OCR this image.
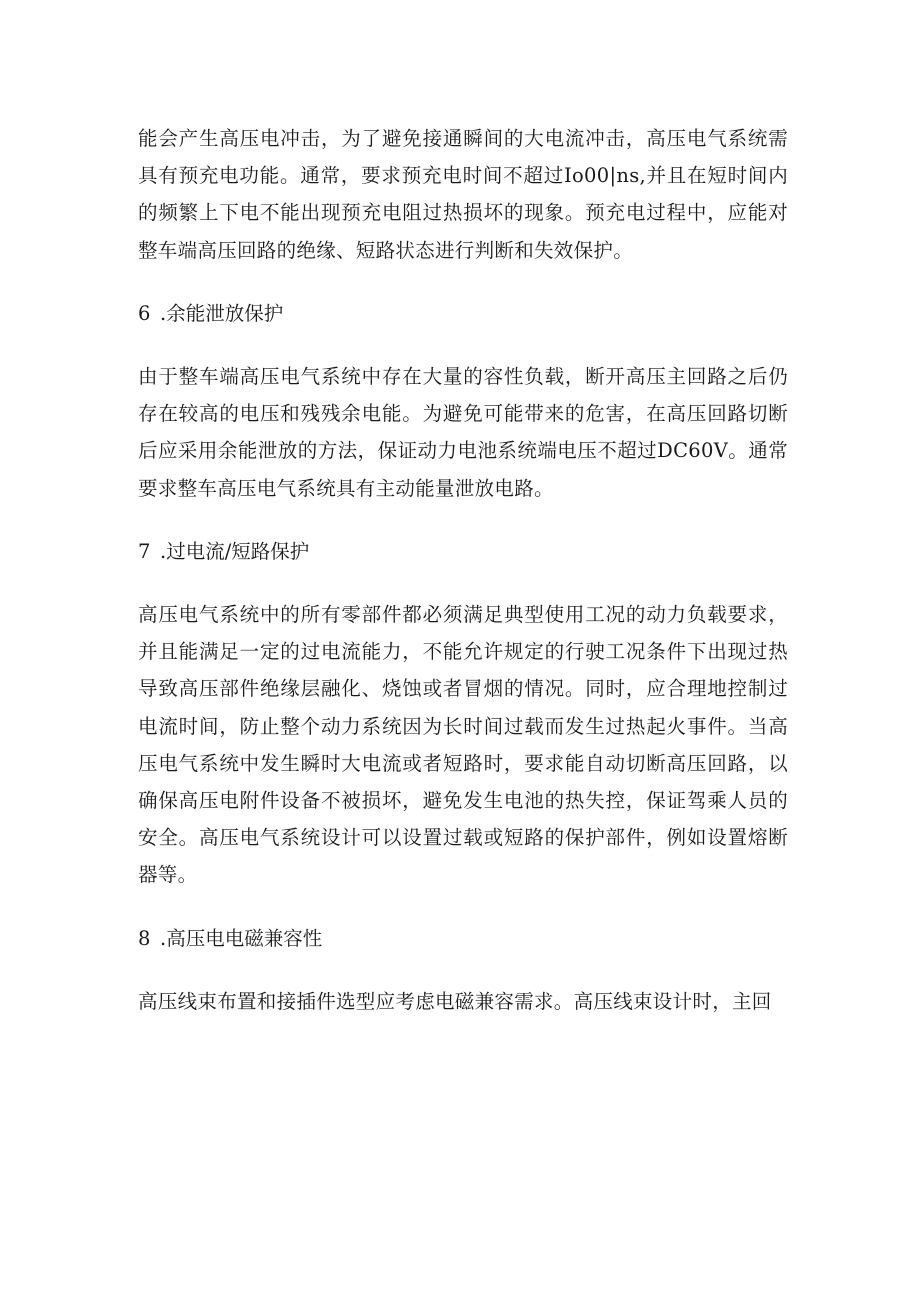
能会产生高压电冲击，为了避免接通瞬间的大电流冲击，高压电气系统需具有预充电功能。通常，要求预充电时间不超过Io00|ns,并且在短时间内的频繁上下电不能出现预充电阻过热损坏的现象。预充电过程中，应能对整车端高压回路的绝缘、短路状态进行判断和失效保护。

6 .余能泄放保护

由于整车端高压电气系统中存在大量的容性负载，断开高压主回路之后仍存在较高的电压和残残余电能。为避免可能带来的危害，在高压回路切断后应采用余能泄放的方法，保证动力电池系统端电压不超过DC60V。通常要求整车高压电气系统具有主动能量泄放电路。

7 .过电流/短路保护

高压电气系统中的所有零部件都必须满足典型使用工况的动力负载要求，并且能满足一定的过电流能力，不能允许规定的行驶工况条件下出现过热导致高压部件绝缘层融化、烧蚀或者冒烟的情况。同时，应合理地控制过电流时间，防止整个动力系统因为长时间过载而发生过热起火事件。当高压电气系统中发生瞬时大电流或者短路时，要求能自动切断高压回路，以确保高压电附件设备不被损坏，避免发生电池的热失控，保证驾乘人员的安全。高压电气系统设计可以设置过载或短路的保护部件，例如设置熔断器等。

8 .高压电电磁兼容性

高压线束布置和接插件选型应考虑电磁兼容需求。高压线束设计时，主回
